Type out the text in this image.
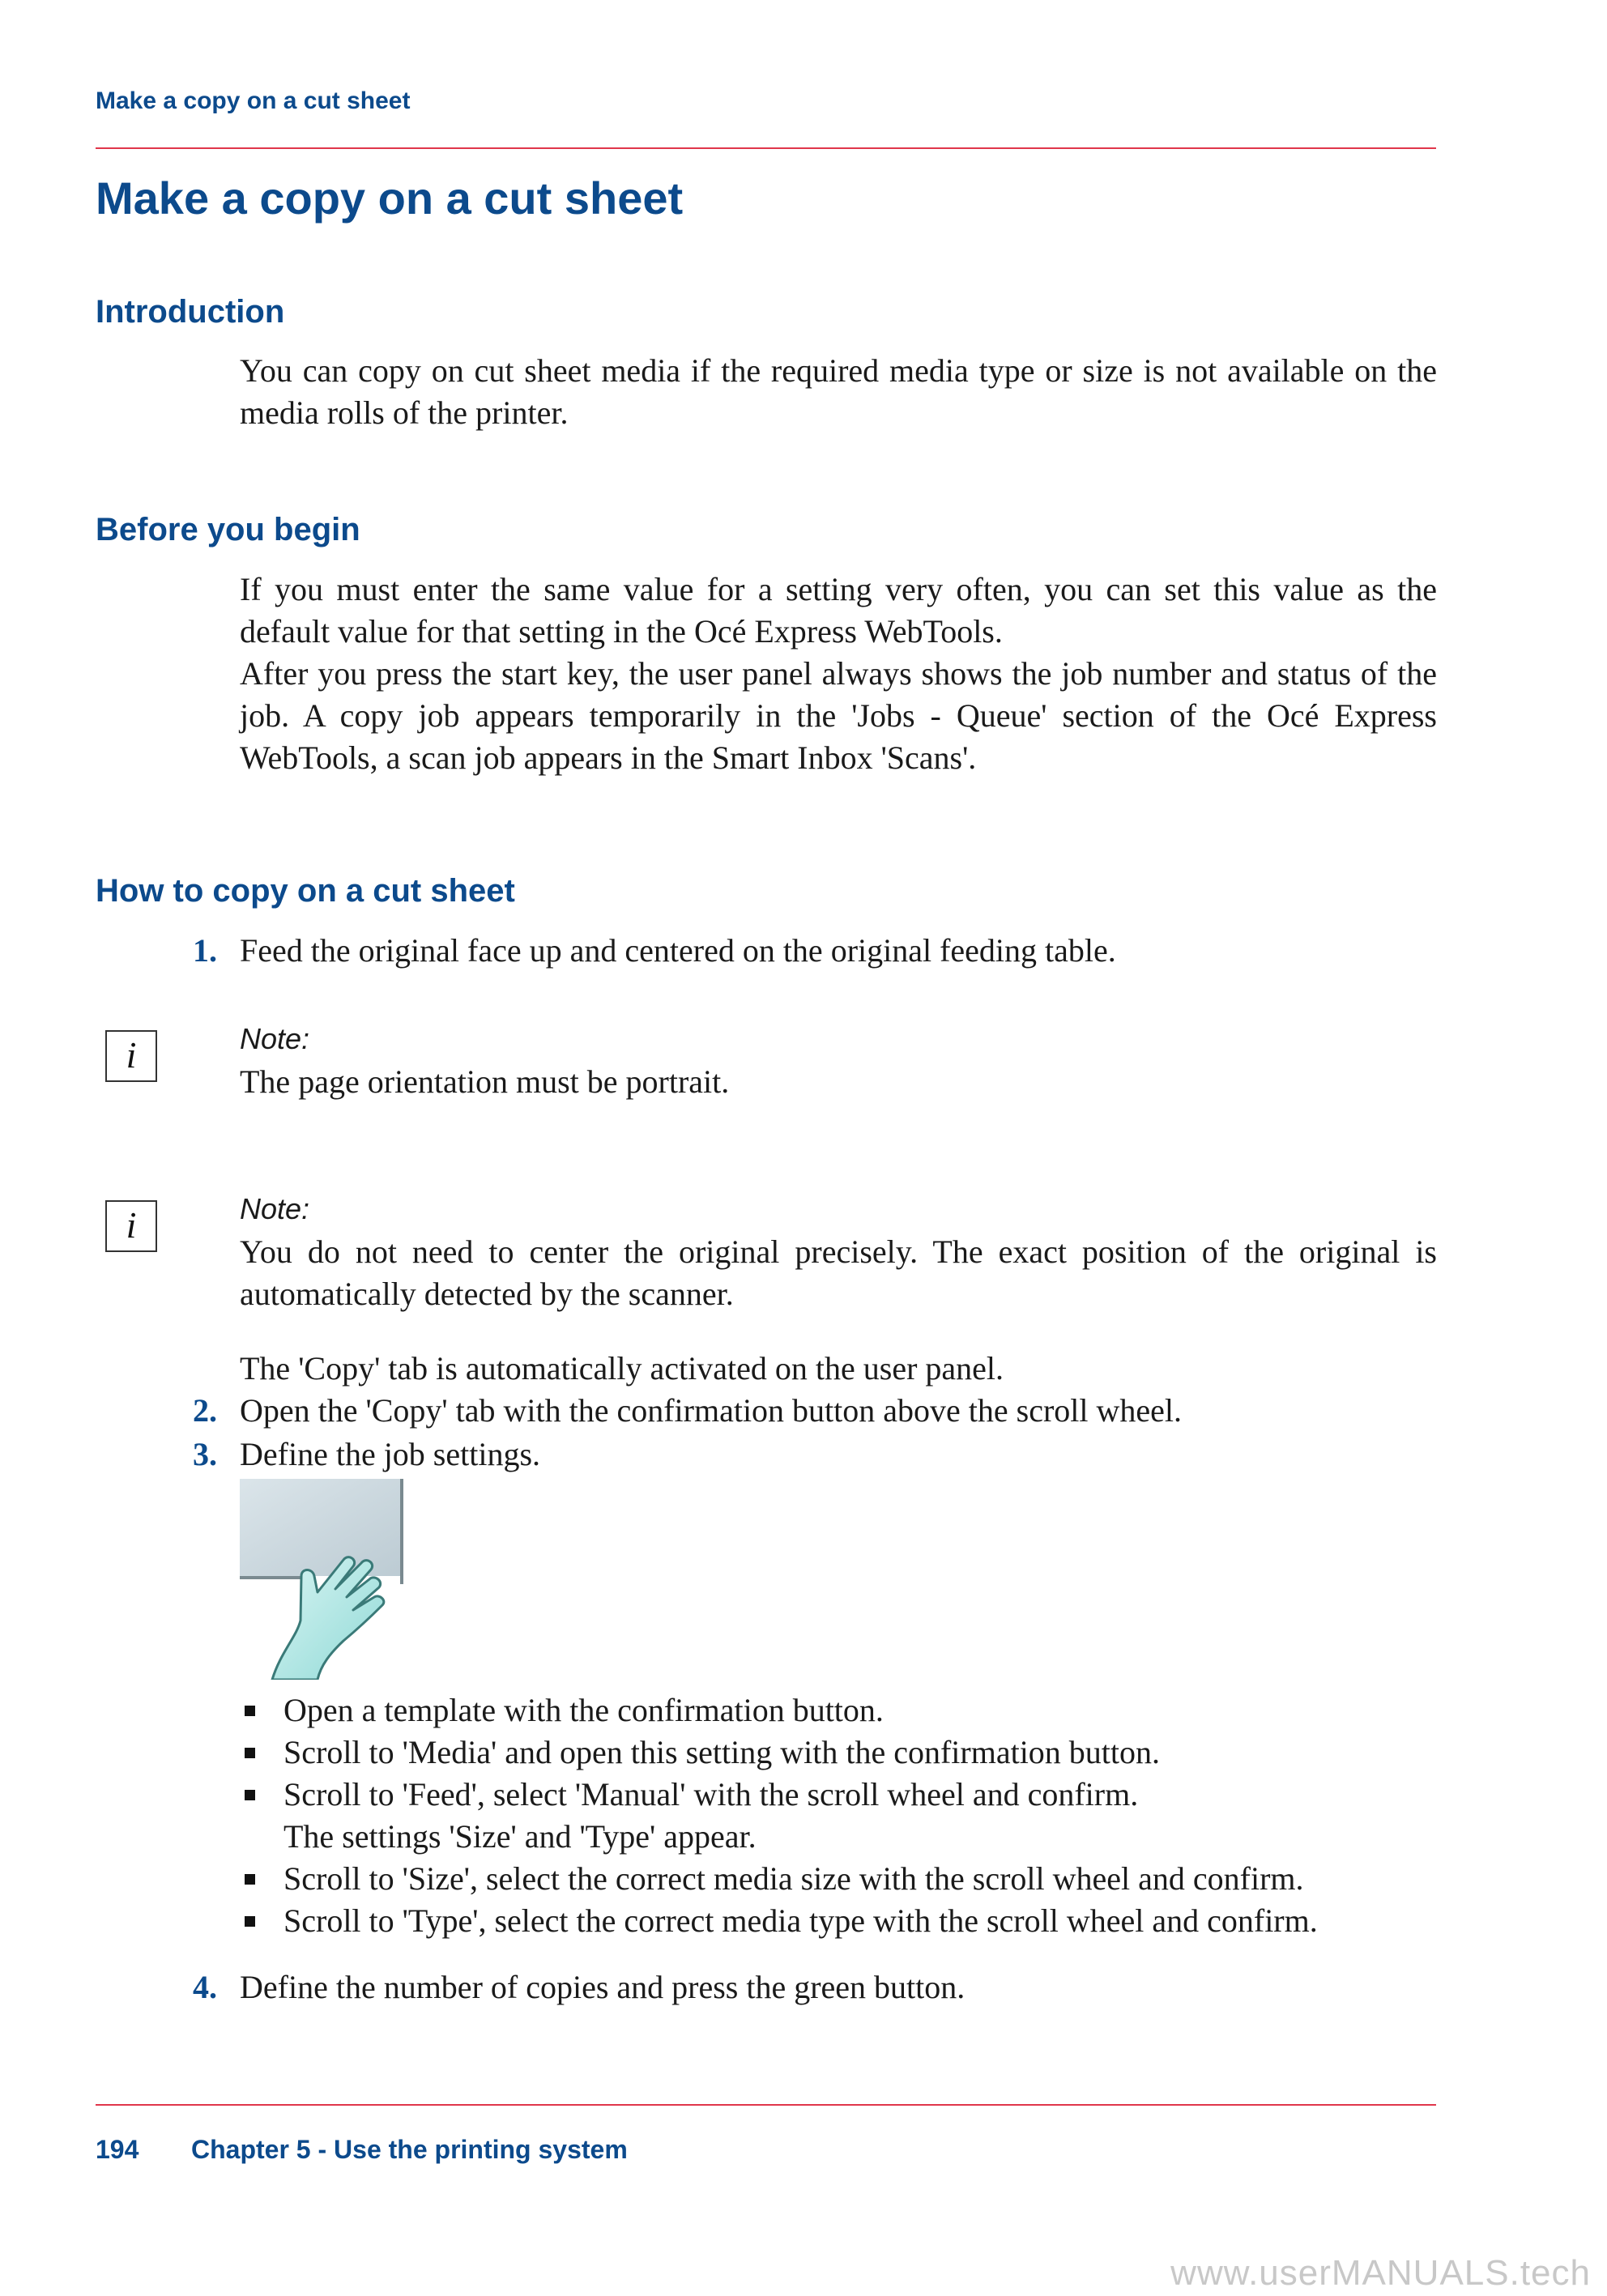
Make a copy on a cut sheet
Make a copy on a cut sheet
Introduction

You can copy on cut sheet media if the required media type or size is not available on the media rolls of the printer.

Before you begin

If you must enter the same value for a setting very often, you can set this value as the default value for that setting in the Océ Express WebTools.

After you press the start key, the user panel always shows the job number and status of the job. A copy job appears temporarily in the 'Jobs - Queue' section of the Océ Express WebTools, a scan job appears in the Smart Inbox 'Scans'.

How to copy on a cut sheet
1. Feed the original face up and centered on the original feeding table.

i	Note:

The page orientation must be portrait.

i	Note:

You do not need to center the original precisely. The exact position of the original is automatically detected by the scanner.

The 'Copy' tab is automatically activated on the user panel.

2. Open the 'Copy' tab with the confirmation button above the scroll wheel.

3. Define the job settings.

Open a template with the confirmation button.
Scroll to 'Media' and open this setting with the confirmation button.
Scroll to 'Feed', select 'Manual' with the scroll wheel and confirm.
The settings 'Size' and 'Type' appear.
Scroll to 'Size', select the correct media size with the scroll wheel and confirm.
Scroll to 'Type', select the correct media type with the scroll wheel and confirm.
4. Define the number of copies and press the green button.

194 Chapter 5 - Use the printing system
www.userMANUALS.tech
